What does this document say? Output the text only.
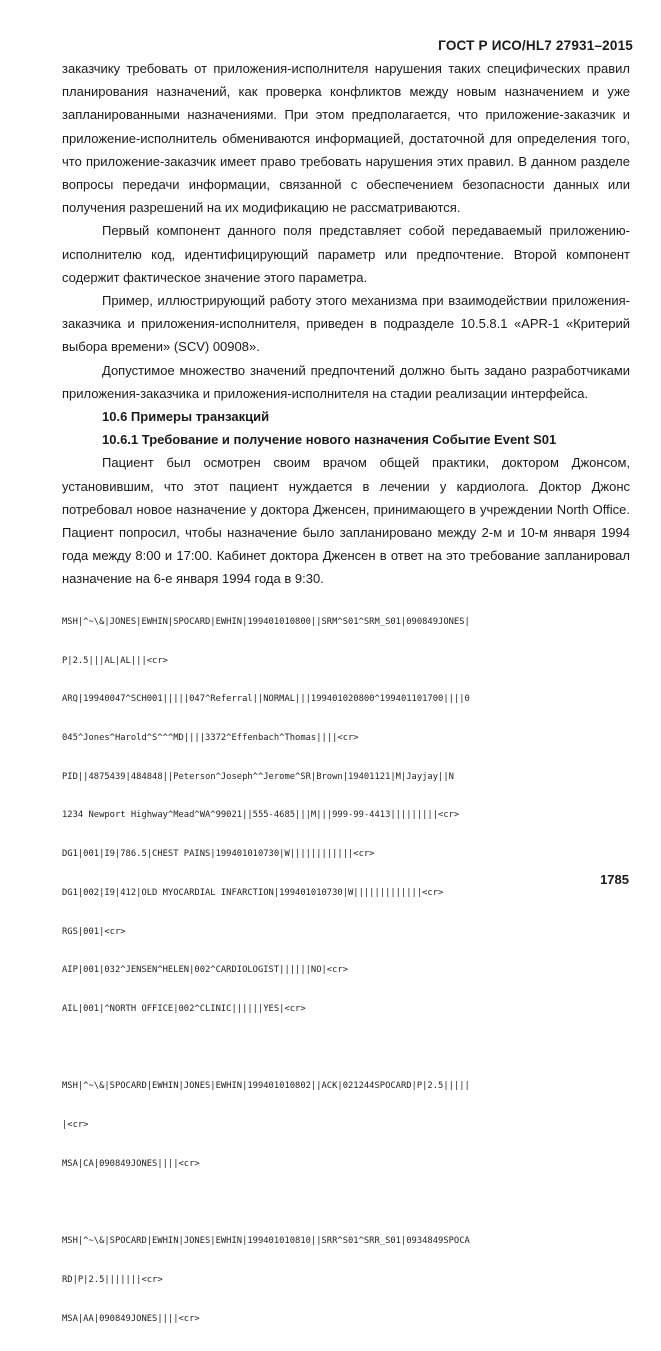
ГОСТ Р ИСО/HL7 27931–2015

заказчику требовать от приложения-исполнителя нарушения таких специфических правил планирования назначений, как проверка конфликтов между новым назначением и уже запланированными назначениями. При этом предполагается, что приложение-заказчик и приложение-исполнитель обмениваются информацией, достаточной для определения того, что приложение-заказчик имеет право требовать нарушения этих правил. В данном разделе вопросы передачи информации, связанной с обеспечением безопасности данных или получения разрешений на их модификацию не рассматриваются.

Первый компонент данного поля представляет собой передаваемый приложению-исполнителю код, идентифицирующий параметр или предпочтение. Второй компонент содержит фактическое значение этого параметра.

Пример, иллюстрирующий работу этого механизма при взаимодействии приложения-заказчика и приложения-исполнителя, приведен в подразделе 10.5.8.1 «APR-1 «Критерий выбора времени» (SCV) 00908».

Допустимое множество значений предпочтений должно быть задано разработчиками приложения-заказчика и приложения-исполнителя на стадии реализации интерфейса.

10.6 Примеры транзакций
10.6.1 Требование и получение нового назначения Событие Event S01

Пациент был осмотрен своим врачом общей практики, доктором Джонсом, установившим, что этот пациент нуждается в лечении у кардиолога. Доктор Джонс потребовал новое назначение у доктора Дженсен, принимающего в учреждении North Office. Пациент попросил, чтобы назначение было запланировано между 2-м и 10-м января 1994 года между 8:00 и 17:00. Кабинет доктора Дженсен в ответ на это требование запланировал назначение на 6-е января 1994 года в 9:30.

MSH|^~\&|JONES|EWHIN|SPOCARD|EWHIN|199401010800||SRM^S01^SRM_S01|090849JONES|

P|2.5|||AL|AL|||<cr>

ARQ|19940047^SCH001|||||047^Referral||NORMAL|||199401020800^199401101700||||0

045^Jones^Harold^S^^^MD||||3372^Effenbach^Thomas||||<cr>

PID||4875439|484848||Peterson^Joseph^^Jerome^SR|Brown|19401121|M|Jayjay||N

1234 Newport Highway^Mead^WA^99021||555-4685|||M|||999-99-4413|||||||||<cr>

DG1|001|I9|786.5|CHEST PAINS|199401010730|W||||||||||||<cr>

DG1|002|I9|412|OLD MYOCARDIAL INFARCTION|199401010730|W|||||||||||||<cr>

RGS|001|<cr>

AIP|001|032^JENSEN^HELEN|002^CARDIOLOGIST||||||NO|<cr>

AIL|001|^NORTH OFFICE|002^CLINIC||||||YES|<cr>

MSH|^~\&|SPOCARD|EWHIN|JONES|EWHIN|199401010802||ACK|021244SPOCARD|P|2.5|||||

|<cr>

MSA|CA|090849JONES||||<cr>

MSH|^~\&|SPOCARD|EWHIN|JONES|EWHIN|199401010810||SRR^S01^SRR_S01|0934849SPOCA

RD|P|2.5|||||||<cr>

MSA|AA|090849JONES||||<cr>

1785
